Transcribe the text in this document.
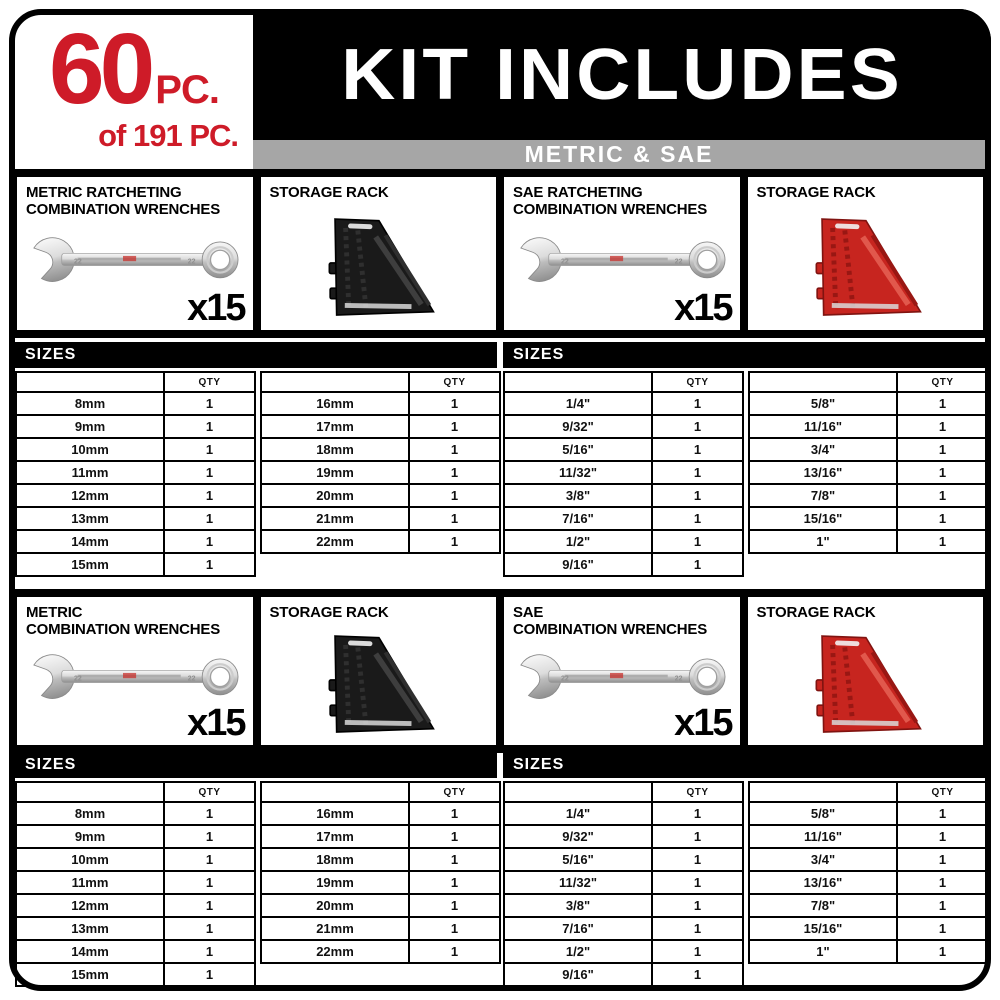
60 PC.
of 191 PC.
KIT INCLUDES
METRIC & SAE
METRIC RATCHETING
COMBINATION WRENCHES
22	22
x15
STORAGE RACK	SAE RATCHETING
COMBINATION WRENCHES
22	22
x15
STORAGE RACK
SIZES
	QTY
8mm	1
9mm	1
10mm	1
11mm	1
12mm	1
13mm	1
14mm	1
15mm	1
	QTY
16mm	1
17mm	1
18mm	1
19mm	1
20mm	1
21mm	1
22mm	1
SIZES
	QTY
1/4"	1
9/32"	1
5/16"	1
11/32"	1
3/8"	1
7/16"	1
1/2"	1
9/16"	1
	QTY
5/8"	1
11/16"	1
3/4"	1
13/16"	1
7/8"	1
15/16"	1
1"	1
METRIC
COMBINATION WRENCHES
22	22
x15
STORAGE RACK	SAE
COMBINATION WRENCHES
22	22
x15
STORAGE RACK
SIZES
	QTY
8mm	1
9mm	1
10mm	1
11mm	1
12mm	1
13mm	1
14mm	1
15mm	1
	QTY
16mm	1
17mm	1
18mm	1
19mm	1
20mm	1
21mm	1
22mm	1
SIZES
	QTY
1/4"	1
9/32"	1
5/16"	1
11/32"	1
3/8"	1
7/16"	1
1/2"	1
9/16"	1
	QTY
5/8"	1
11/16"	1
3/4"	1
13/16"	1
7/8"	1
15/16"	1
1"	1
